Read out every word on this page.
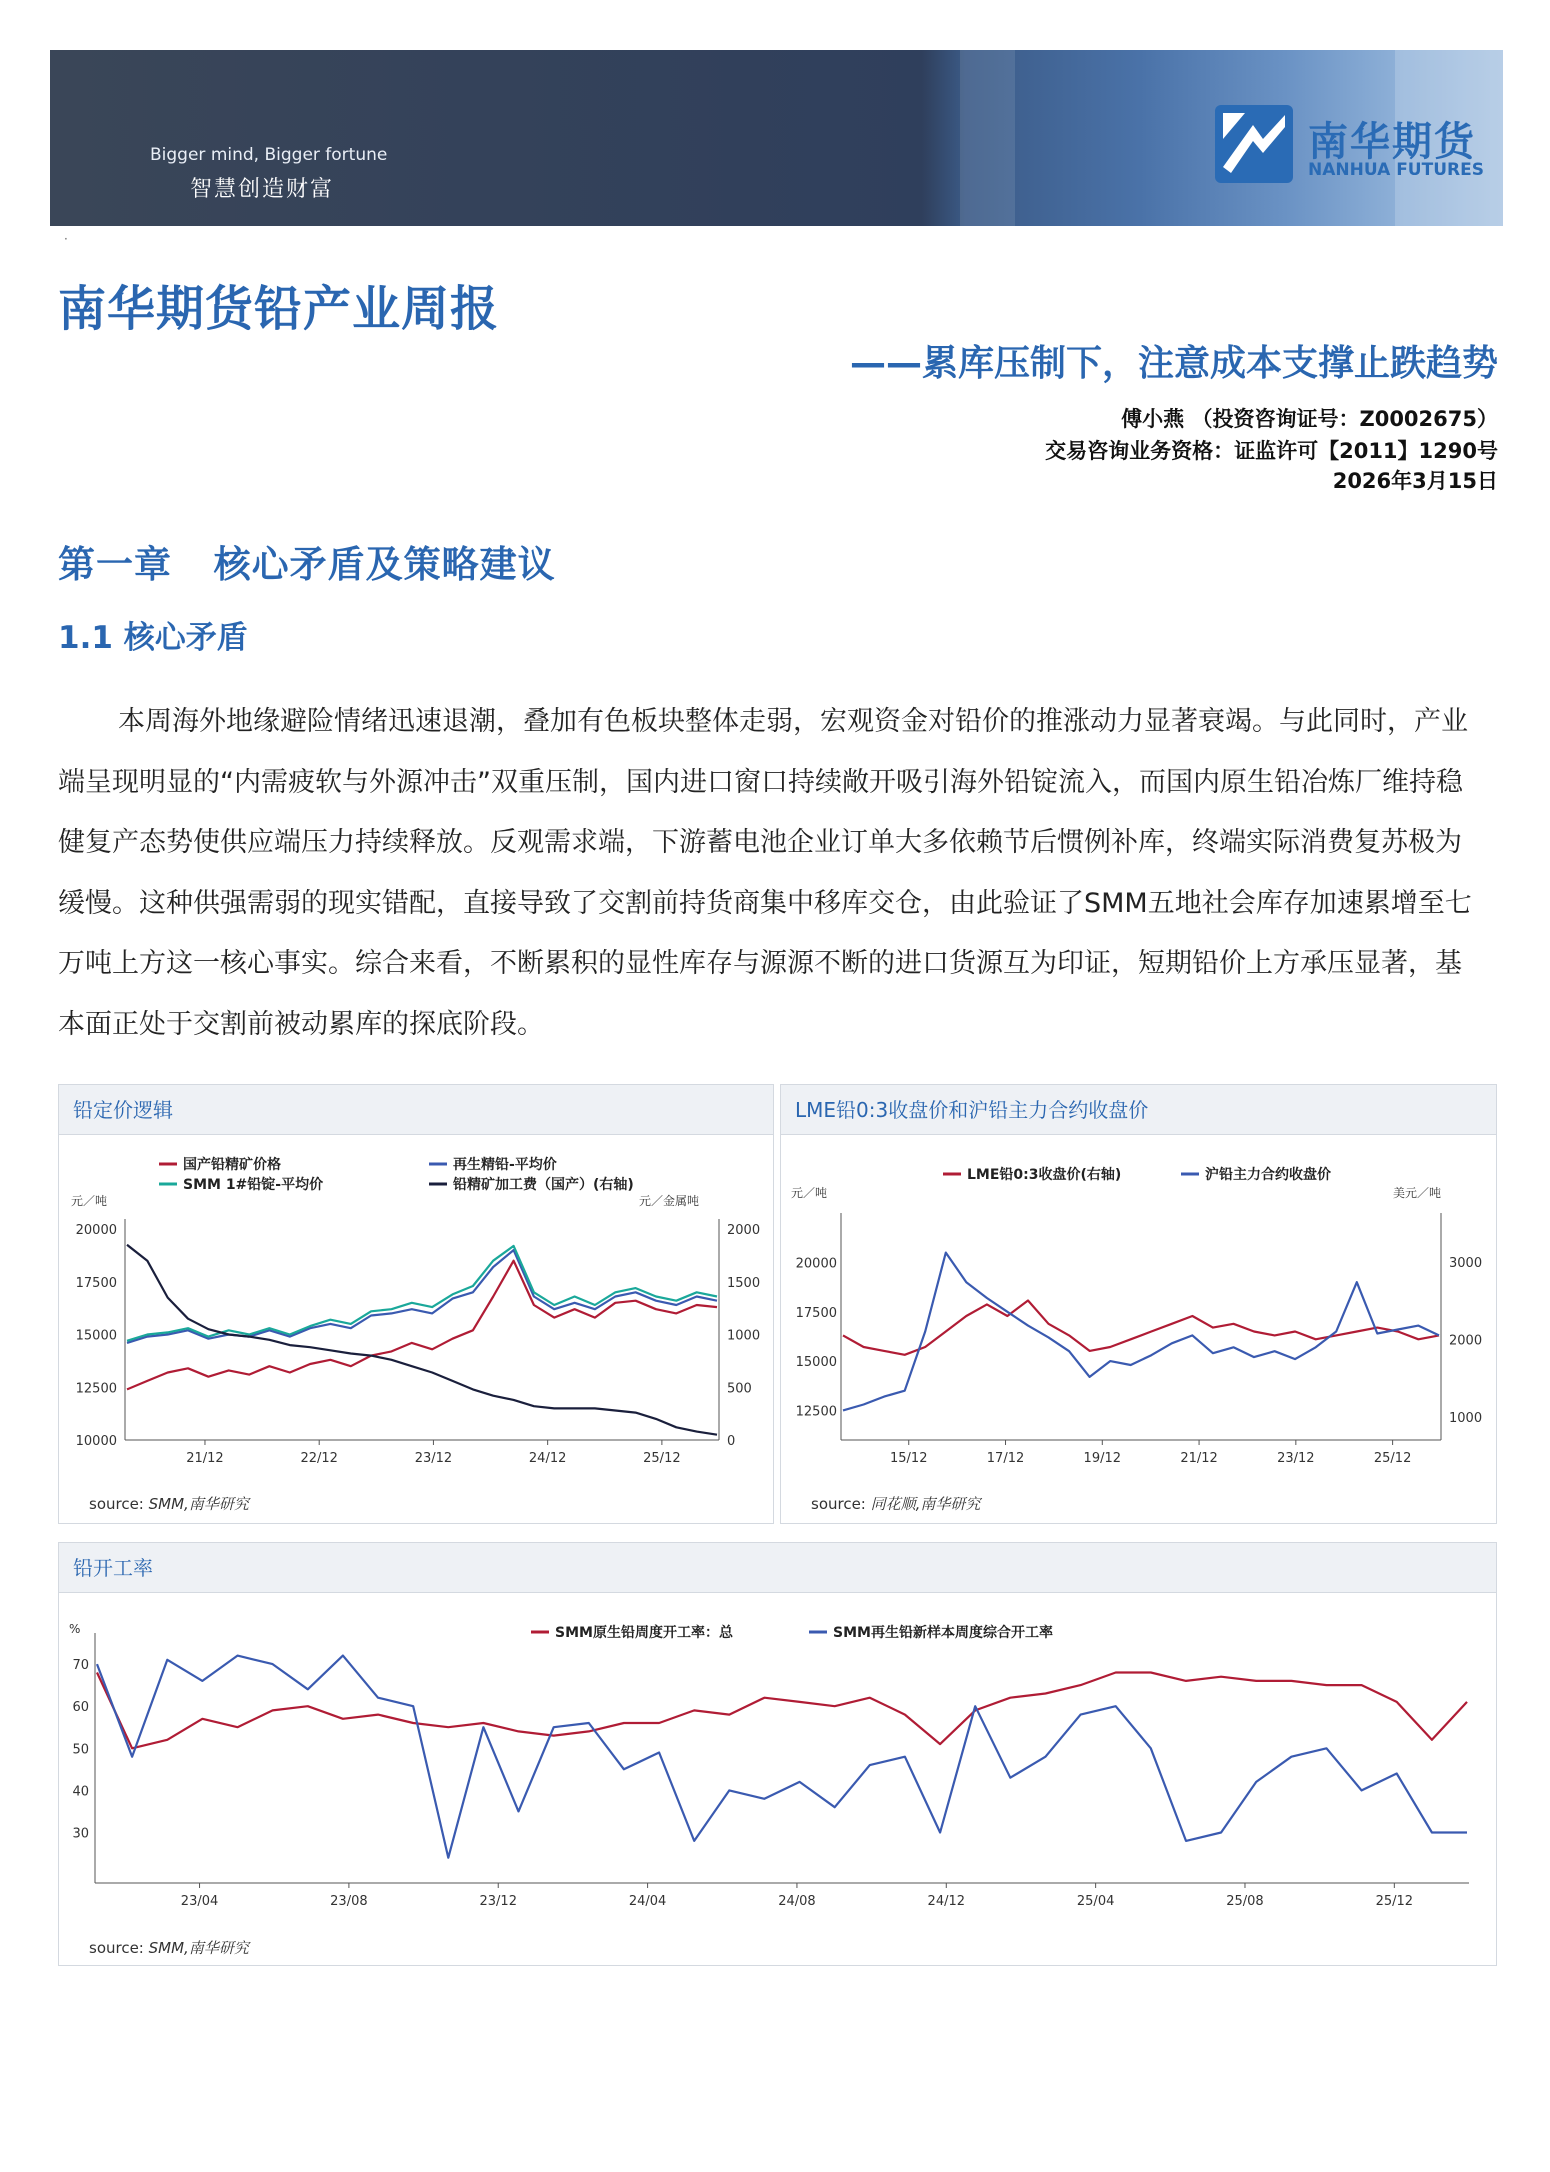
Bigger mind, Bigger fortune
智慧创造财富
南华期货
NANHUA FUTURES
·
南华期货铅产业周报
——累库压制下，注意成本支撑止跌趋势
傅小燕 （投资咨询证号：Z0002675）
交易咨询业务资格：证监许可【2011】1290号
2026年3月15日
第一章   核心矛盾及策略建议
1.1 核心矛盾
本周海外地缘避险情绪迅速退潮，叠加有色板块整体走弱，宏观资金对铅价的推涨动力显著衰竭。与此同时，产业端呈现明显的“内需疲软与外源冲击”双重压制，国内进口窗口持续敞开吸引海外铅锭流入，而国内原生铅冶炼厂维持稳健复产态势使供应端压力持续释放。反观需求端，下游蓄电池企业订单大多依赖节后惯例补库，终端实际消费复苏极为缓慢。这种供强需弱的现实错配，直接导致了交割前持货商集中移库交仓，由此验证了SMM五地社会库存加速累增至七万吨上方这一核心事实。综合来看，不断累积的显性库存与源源不断的进口货源互为印证，短期铅价上方承压显著，基本面正处于交割前被动累库的探底阶段。
铅定价逻辑
元／吨	元／金属吨
20000
17500
15000
12500
10000
2000
1500
1000
500
0
21/12	22/12	23/12	24/12	25/12
国产铅精矿价格	再生精铅-平均价
SMM 1#铅锭-平均价	铅精矿加工费（国产）(右轴)
source: SMM,南华研究
LME铅0:3收盘价和沪铅主力合约收盘价
元／吨	美元／吨
20000
17500
15000
12500
3000
2000
1000
15/12	17/12	19/12	21/12	23/12	25/12
LME铅0:3收盘价(右轴)	沪铅主力合约收盘价
source: 同花顺,南华研究
铅开工率
%
70
60
50
40
30
23/04	23/08	23/12	24/04	24/08	24/12	25/04	25/08	25/12
SMM原生铅周度开工率：总	SMM再生铅新样本周度综合开工率
source: SMM,南华研究
